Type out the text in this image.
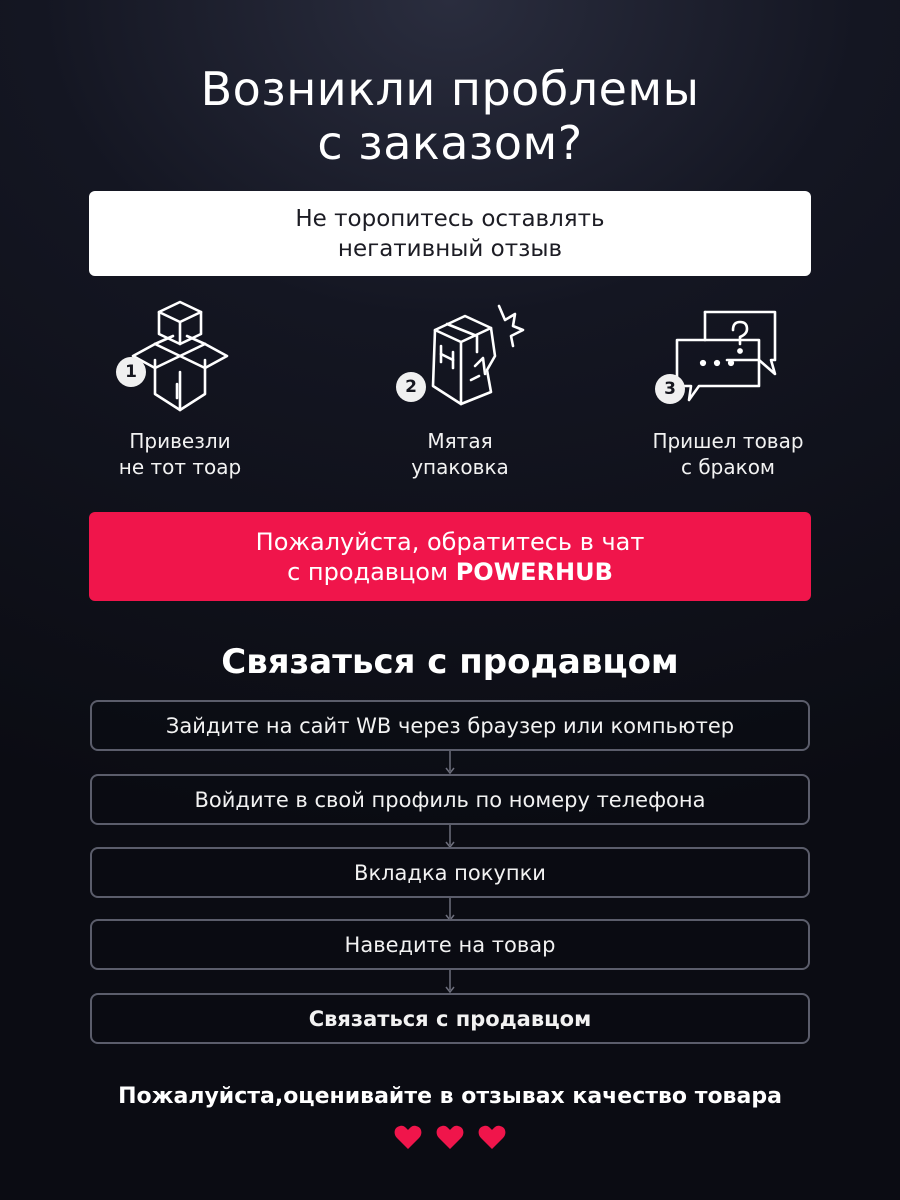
Возникли проблемы
с заказом?
Не торопитесь оставлять
негативный отзыв
1
Привезли
не тот тоар
2
Мятая
упаковка
3
Пришел товар
с браком
Пожалуйста, обратитесь в чат
с продавцом POWERHUB
Связаться с продавцом
Зайдите на сайт WB через браузер или компьютер
Войдите в свой профиль по номеру телефона
Вкладка покупки
Наведите на товар
Связаться с продавцом
Пожалуйста,оценивайте в отзывах качество товара
